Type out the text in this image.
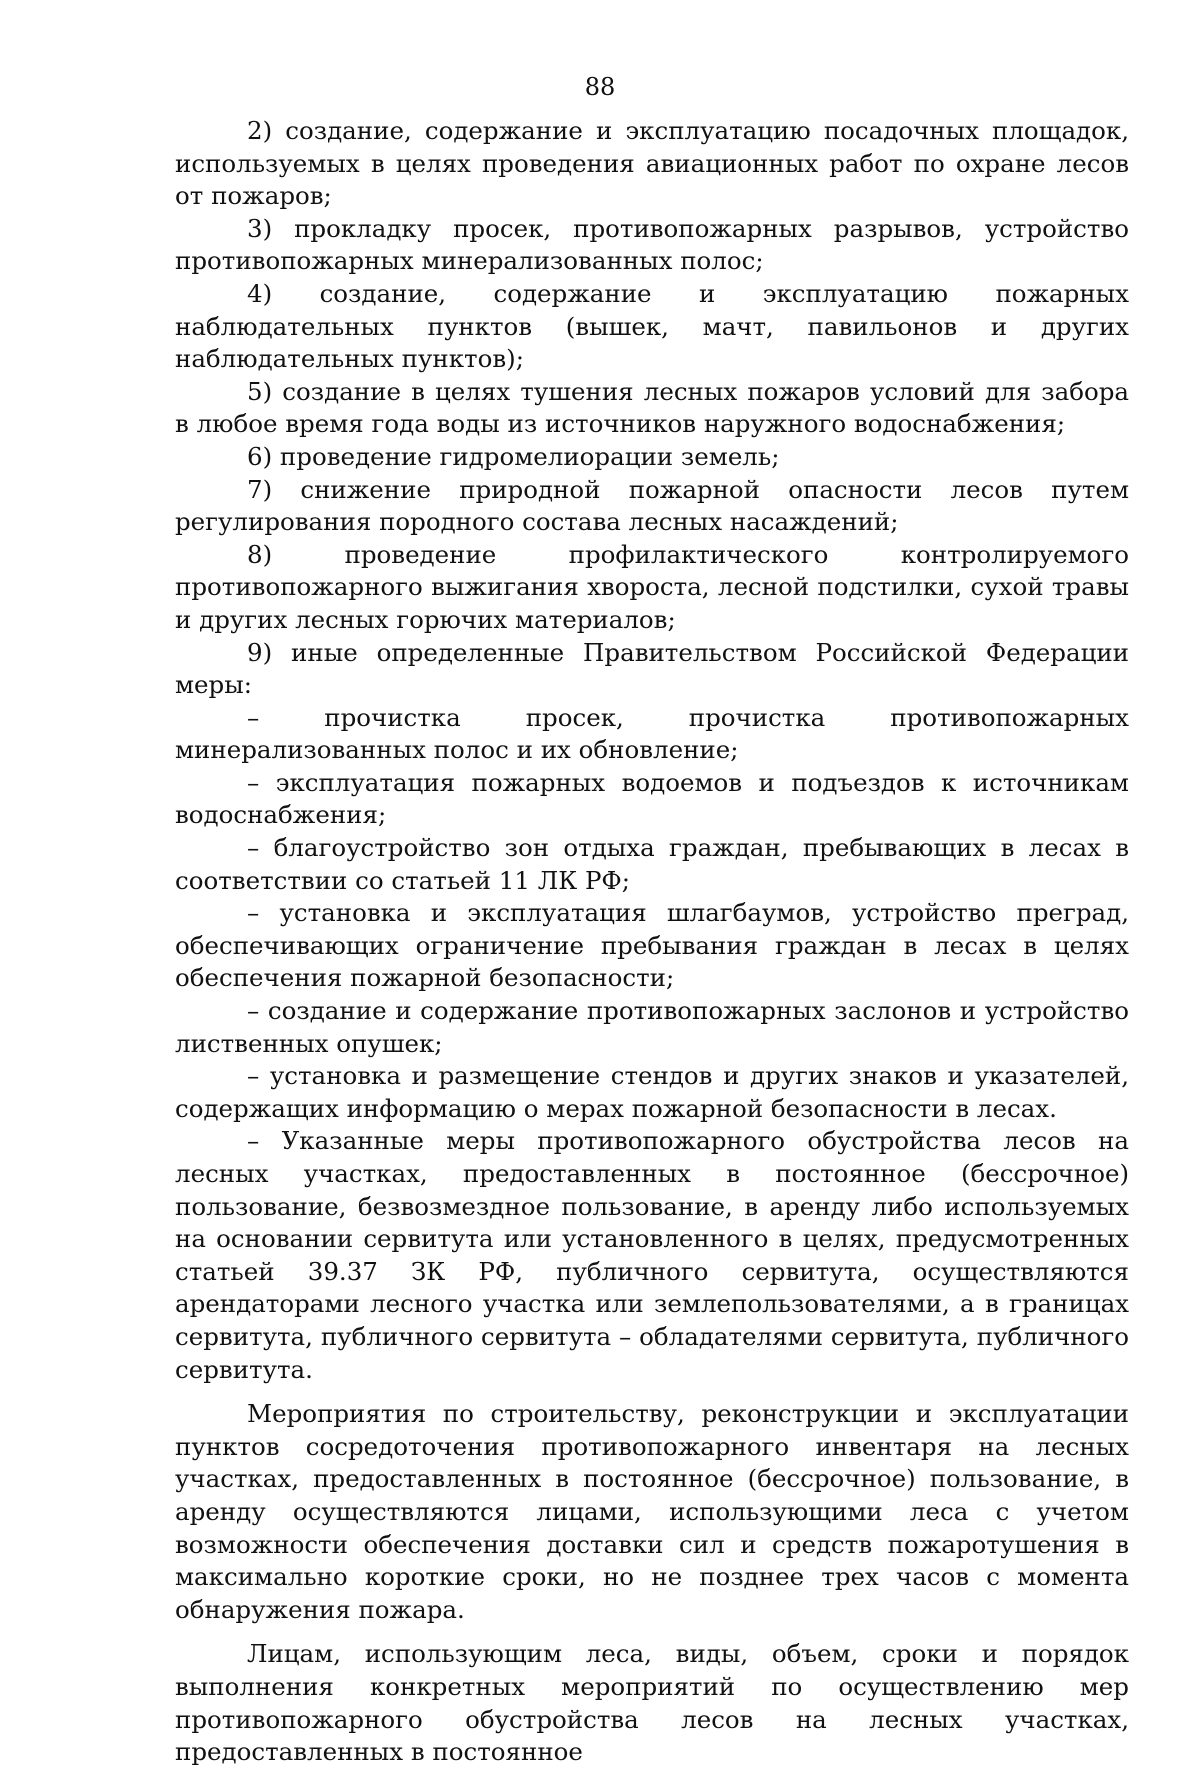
88

2) создание, содержание и эксплуатацию посадочных площадок, используемых в целях проведения авиационных работ по охране лесов от пожаров;

3) прокладку просек, противопожарных разрывов, устройство противопожарных минерализованных полос;

4) создание, содержание и эксплуатацию пожарных наблюдательных пунктов (вышек, мачт, павильонов и других наблюдательных пунктов);

5) создание в целях тушения лесных пожаров условий для забора в любое время года воды из источников наружного водоснабжения;

6) проведение гидромелиорации земель;

7) снижение природной пожарной опасности лесов путем регулирования породного состава лесных насаждений;

8) проведение профилактического контролируемого противопожарного выжигания хвороста, лесной подстилки, сухой травы и других лесных горючих материалов;

9) иные определенные Правительством Российской Федерации меры:

– прочистка просек, прочистка противопожарных минерализованных полос и их обновление;

– эксплуатация пожарных водоемов и подъездов к источникам водоснабжения;

– благоустройство зон отдыха граждан, пребывающих в лесах в соответствии со статьей 11 ЛК РФ;

– установка и эксплуатация шлагбаумов, устройство преград, обеспечивающих ограничение пребывания граждан в лесах в целях обеспечения пожарной безопасности;

– создание и содержание противопожарных заслонов и устройство лиственных опушек;

– установка и размещение стендов и других знаков и указателей, содержащих информацию о мерах пожарной безопасности в лесах.

– Указанные меры противопожарного обустройства лесов на лесных участках, предоставленных в постоянное (бессрочное) пользование, безвозмездное пользование, в аренду либо используемых на основании сервитута или установленного в целях, предусмотренных статьей 39.37 ЗК РФ, публичного сервитута, осуществляются арендаторами лесного участка или землепользователями, а в границах сервитута, публичного сервитута – обладателями сервитута, публичного сервитута.

Мероприятия по строительству, реконструкции и эксплуатации пунктов сосредоточения противопожарного инвентаря на лесных участках, предоставленных в постоянное (бессрочное) пользование, в аренду осуществляются лицами, использующими леса с учетом возможности обеспечения доставки сил и средств пожаротушения в максимально короткие сроки, но не позднее трех часов с момента обнаружения пожара.

Лицам, использующим леса, виды, объем, сроки и порядок выполнения конкретных мероприятий по осуществлению мер противопожарного обустройства лесов на лесных участках, предоставленных в постоянное
